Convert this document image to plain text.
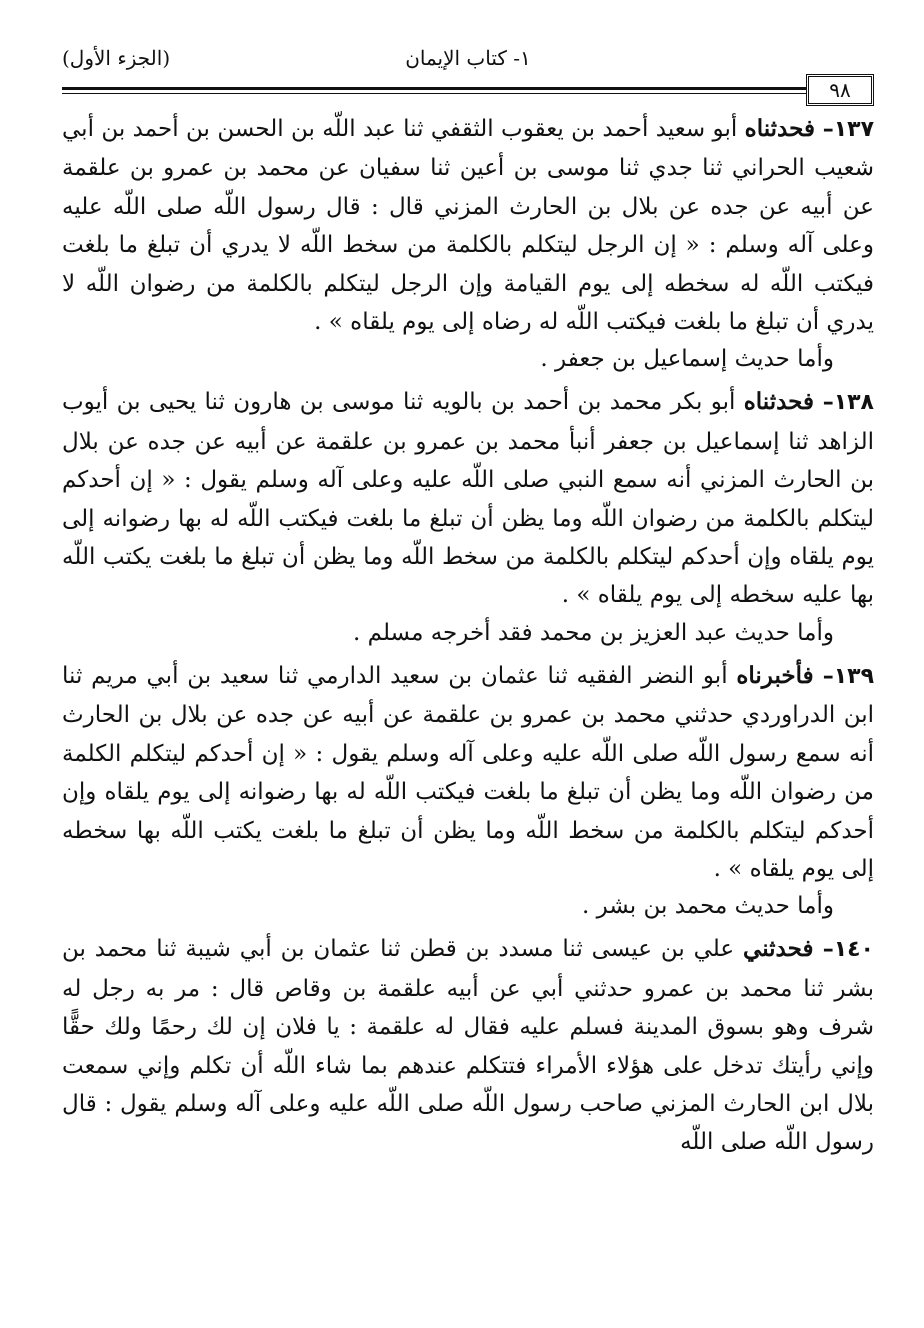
١- كتاب الإيمان
(الجزء الأول)
٩٨

١٣٧– فحدثناه أبو سعيد أحمد بن يعقوب الثقفي ثنا عبد اللّه بن الحسن بن أحمد بن أبي شعيب الحراني ثنا جدي ثنا موسى بن أعين ثنا سفيان عن محمد بن عمرو بن علقمة عن أبيه عن جده عن بلال بن الحارث المزني قال : قال رسول اللّه صلى اللّه عليه وعلى آله وسلم : « إن الرجل ليتكلم بالكلمة من سخط اللّه لا يدري أن تبلغ ما بلغت فيكتب اللّه له سخطه إلى يوم القيامة وإن الرجل ليتكلم بالكلمة من رضوان اللّه لا يدري أن تبلغ ما بلغت فيكتب اللّه له رضاه إلى يوم يلقاه » .

وأما حديث إسماعيل بن جعفر .

١٣٨– فحدثناه أبو بكر محمد بن أحمد بن بالويه ثنا موسى بن هارون ثنا يحيى بن أيوب الزاهد ثنا إسماعيل بن جعفر أنبأ محمد بن عمرو بن علقمة عن أبيه عن جده عن بلال بن الحارث المزني أنه سمع النبي صلى اللّه عليه وعلى آله وسلم يقول : « إن أحدكم ليتكلم بالكلمة من رضوان اللّه وما يظن أن تبلغ ما بلغت فيكتب اللّه له بها رضوانه إلى يوم يلقاه وإن أحدكم ليتكلم بالكلمة من سخط اللّه وما يظن أن تبلغ ما بلغت يكتب اللّه بها عليه سخطه إلى يوم يلقاه » .

وأما حديث عبد العزيز بن محمد فقد أخرجه مسلم .

١٣٩– فأخبرناه أبو النضر الفقيه ثنا عثمان بن سعيد الدارمي ثنا سعيد بن أبي مريم ثنا ابن الدراوردي حدثني محمد بن عمرو بن علقمة عن أبيه عن جده عن بلال بن الحارث أنه سمع رسول اللّه صلى اللّه عليه وعلى آله وسلم يقول : « إن أحدكم ليتكلم الكلمة من رضوان اللّه وما يظن أن تبلغ ما بلغت فيكتب اللّه له بها رضوانه إلى يوم يلقاه وإن أحدكم ليتكلم بالكلمة من سخط اللّه وما يظن أن تبلغ ما بلغت يكتب اللّه بها سخطه إلى يوم يلقاه » .

وأما حديث محمد بن بشر .

١٤٠– فحدثني علي بن عيسى ثنا مسدد بن قطن ثنا عثمان بن أبي شيبة ثنا محمد بن بشر ثنا محمد بن عمرو حدثني أبي عن أبيه علقمة بن وقاص قال : مر به رجل له شرف وهو بسوق المدينة فسلم عليه فقال له علقمة : يا فلان إن لك رحمًا ولك حقًّا وإني رأيتك تدخل على هؤلاء الأمراء فتتكلم عندهم بما شاء اللّه أن تكلم وإني سمعت بلال ابن الحارث المزني صاحب رسول اللّه صلى اللّه عليه وعلى آله وسلم يقول : قال رسول اللّه صلى اللّه
